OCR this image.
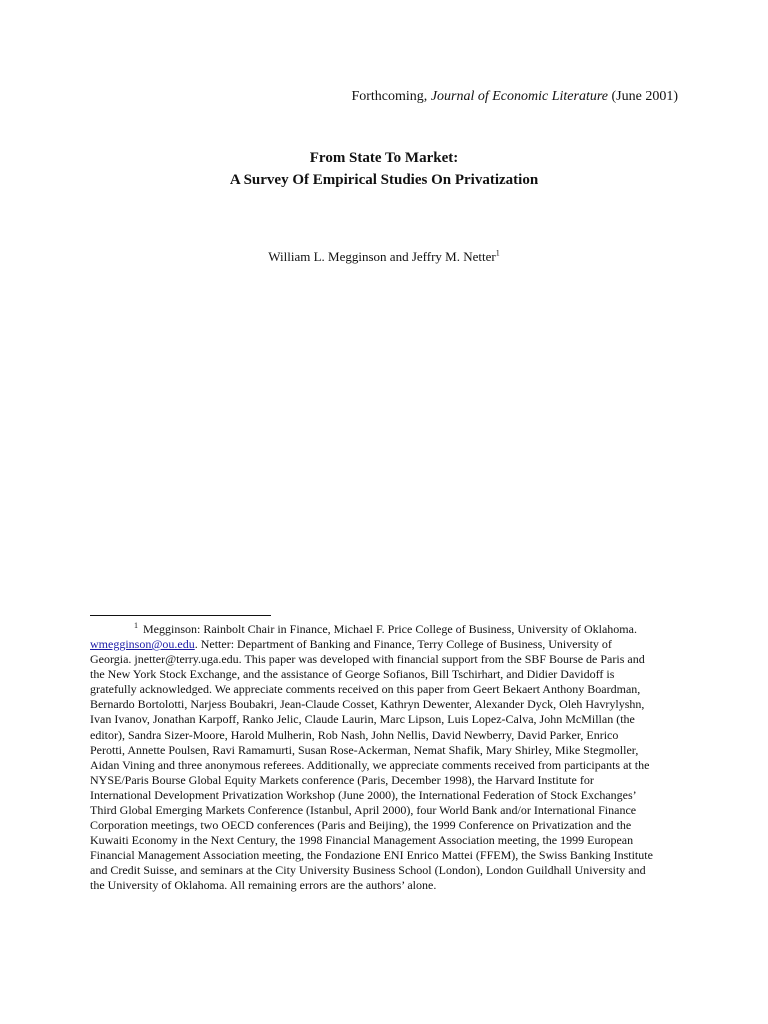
Forthcoming, Journal of Economic Literature (June 2001)
From State To Market:
A Survey Of Empirical Studies On Privatization
William L. Megginson and Jeffry M. Netter$^1$
$^1$ Megginson: Rainbolt Chair in Finance, Michael F. Price College of Business, University of Oklahoma.
wmegginson@ou.edu. Netter: Department of Banking and Finance, Terry College of Business, University of
Georgia. jnetter@terry.uga.edu. This paper was developed with financial support from the SBF Bourse de Paris and
the New York Stock Exchange, and the assistance of George Sofianos, Bill Tschirhart, and Didier Davidoff is
gratefully acknowledged. We appreciate comments received on this paper from Geert Bekaert Anthony Boardman,
Bernardo Bortolotti, Narjess Boubakri, Jean-Claude Cosset, Kathryn Dewenter, Alexander Dyck, Oleh Havrylyshn,
Ivan Ivanov, Jonathan Karpoff, Ranko Jelic, Claude Laurin, Marc Lipson, Luis Lopez-Calva, John McMillan (the
editor), Sandra Sizer-Moore, Harold Mulherin, Rob Nash, John Nellis, David Newberry, David Parker, Enrico
Perotti, Annette Poulsen, Ravi Ramamurti, Susan Rose-Ackerman, Nemat Shafik, Mary Shirley, Mike Stegmoller,
Aidan Vining and three anonymous referees. Additionally, we appreciate comments received from participants at the
NYSE/Paris Bourse Global Equity Markets conference (Paris, December 1998), the Harvard Institute for
International Development Privatization Workshop (June 2000), the International Federation of Stock Exchanges’
Third Global Emerging Markets Conference (Istanbul, April 2000), four World Bank and/or International Finance
Corporation meetings, two OECD conferences (Paris and Beijing), the 1999 Conference on Privatization and the
Kuwaiti Economy in the Next Century, the 1998 Financial Management Association meeting, the 1999 European
Financial Management Association meeting, the Fondazione ENI Enrico Mattei (FFEM), the Swiss Banking Institute
and Credit Suisse, and seminars at the City University Business School (London), London Guildhall University and
the University of Oklahoma. All remaining errors are the authors’ alone.
